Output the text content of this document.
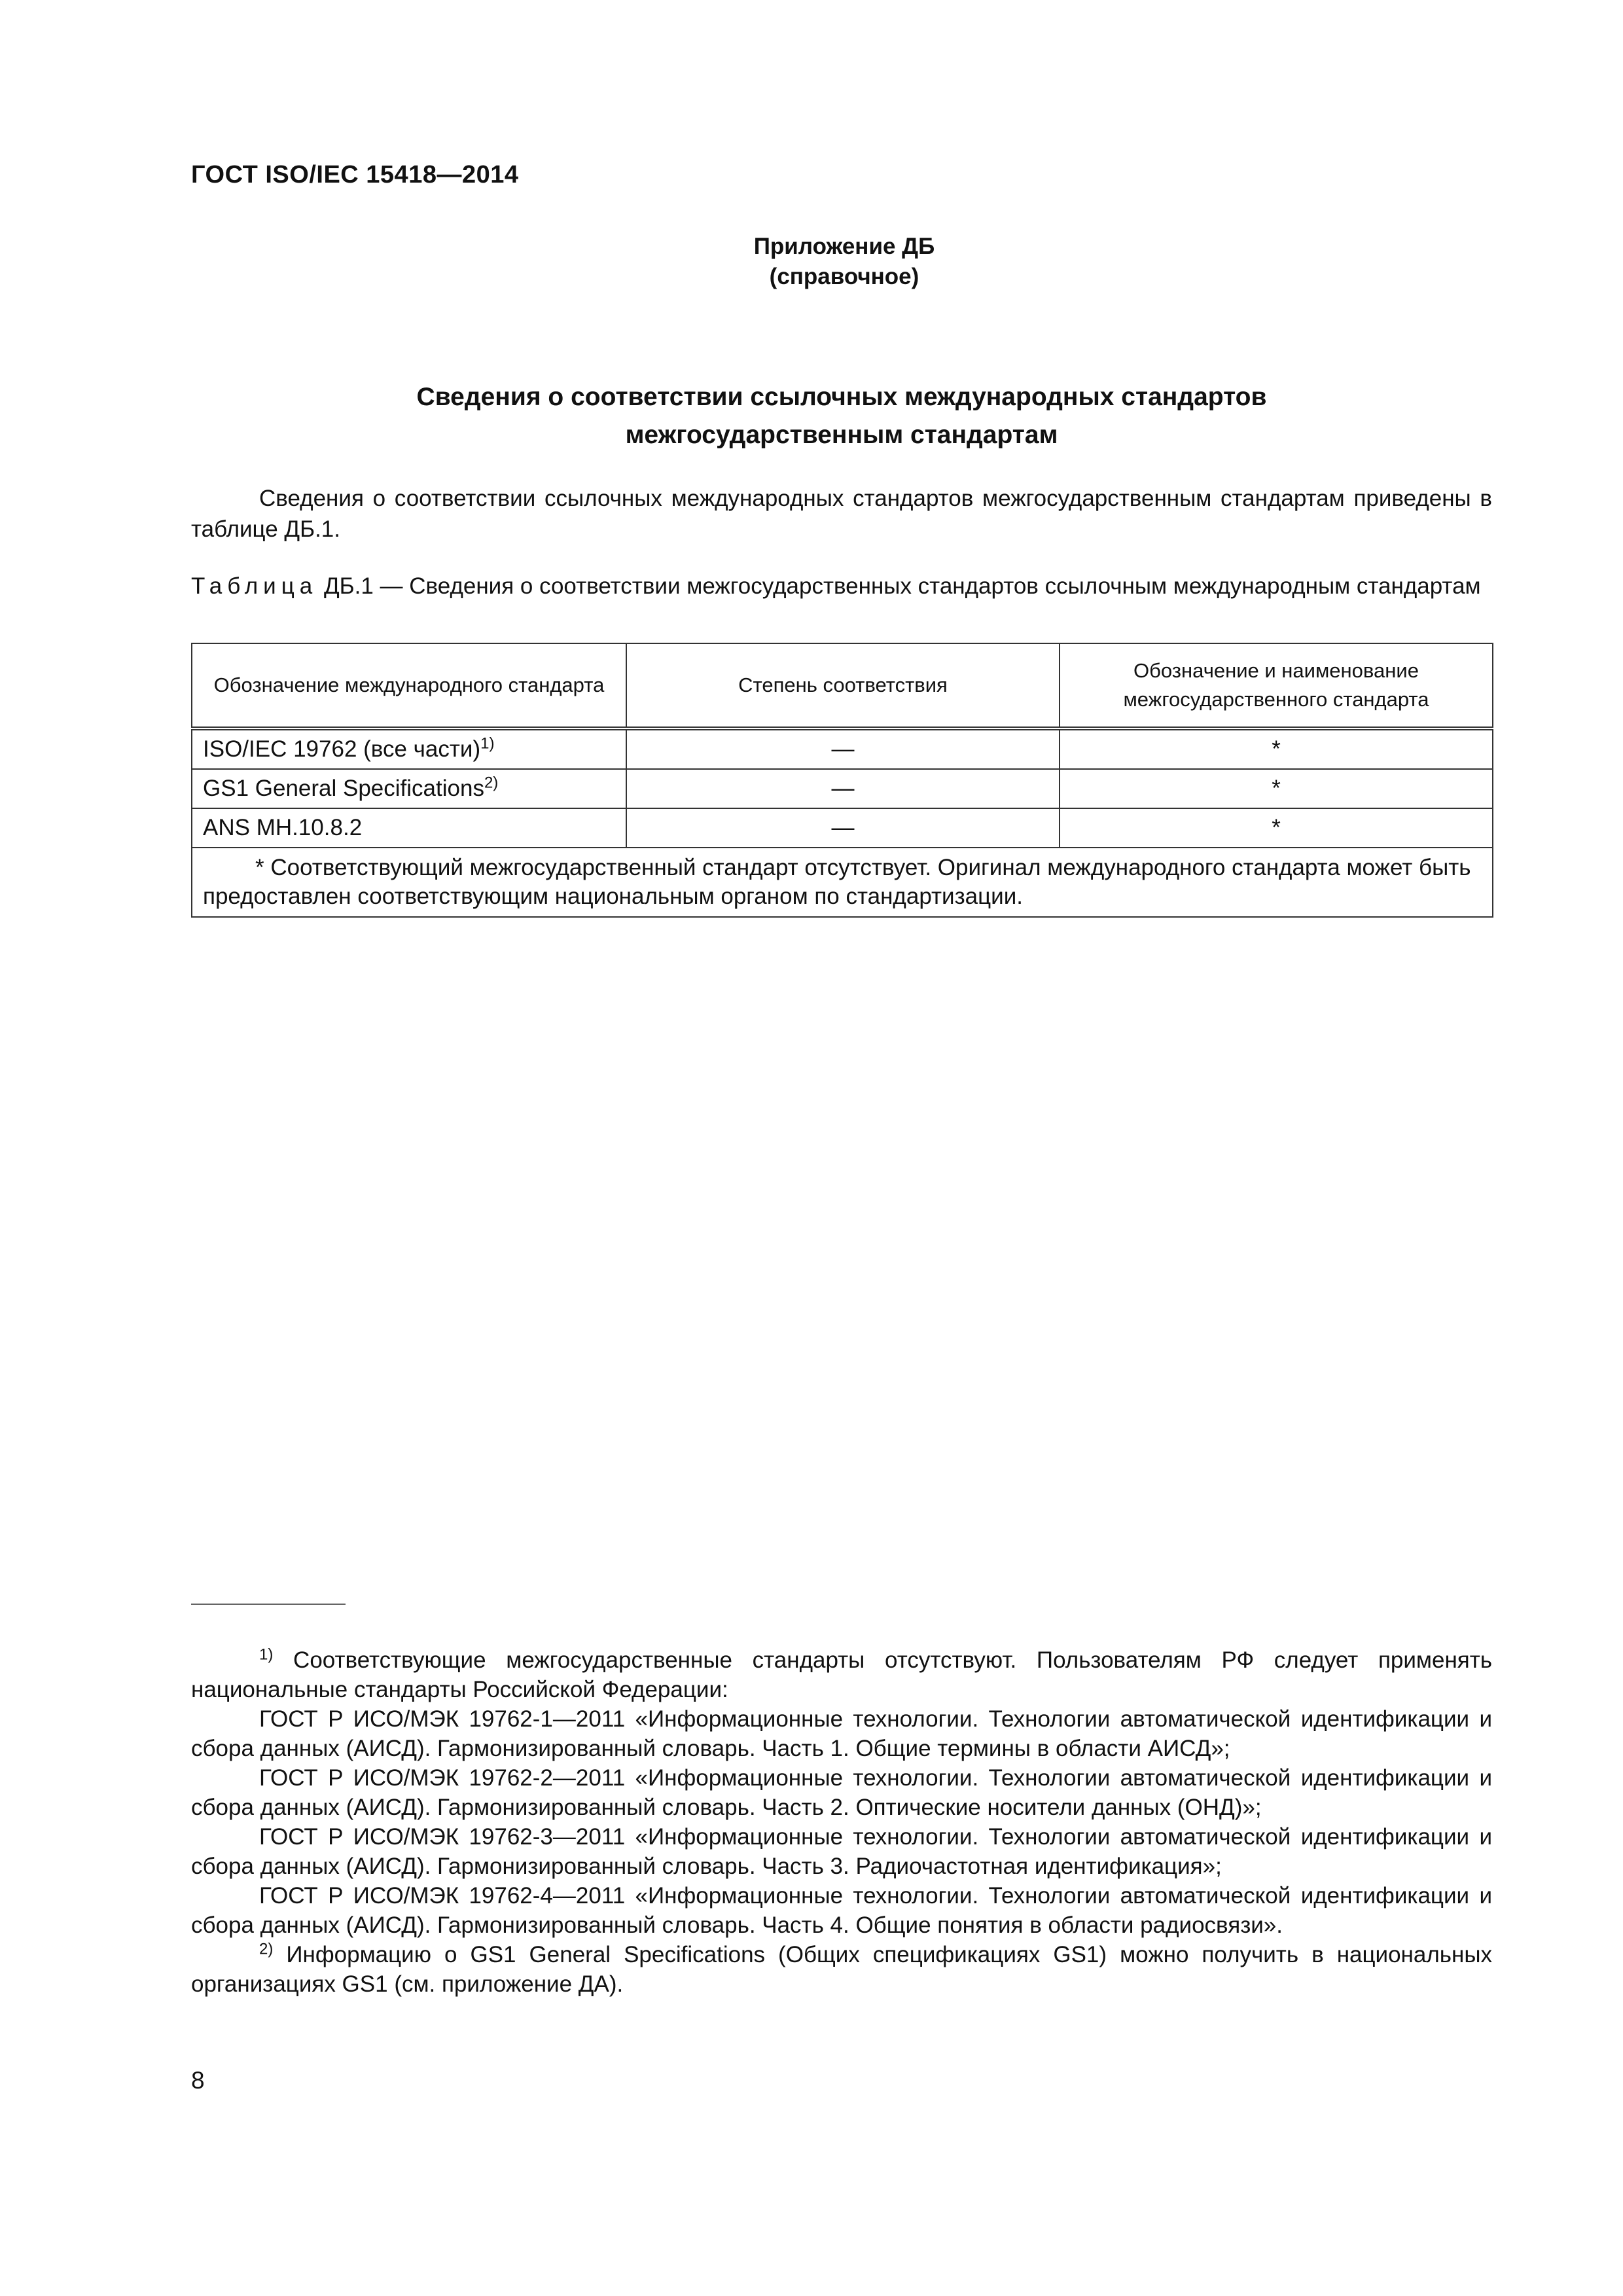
ГОСТ ISO/IEC 15418—2014
Приложение ДБ
(справочное)
Сведения о соответствии ссылочных международных стандартов
межгосударственным стандартам
Сведения о соответствии ссылочных международных стандартов межгосударственным стандартам приведены в таблице ДБ.1.
Таблица ДБ.1 — Сведения о соответствии межгосударственных стандартов ссылочным международным стандартам
Обозначение международного стандарта	Степень соответствия	Обозначение и наименование межгосударственного стандарта
ISO/IEC 19762 (все части)$^{1)}$	—	*
GS1 General Specifications$^{2)}$	—	*
ANS MH.10.8.2	—	*
* Соответствующий межгосударственный стандарт отсутствует. Оригинал международного стандарта может быть предоставлен соответствующим национальным органом по стандартизации.		

$^{1)}$ Соответствующие межгосударственные стандарты отсутствуют. Пользователям РФ следует применять национальные стандарты Российской Федерации:

ГОСТ Р ИСО/МЭК 19762-1—2011 «Информационные технологии. Технологии автоматической идентификации и сбора данных (АИСД). Гармонизированный словарь. Часть 1. Общие термины в области АИСД»;

ГОСТ Р ИСО/МЭК 19762-2—2011 «Информационные технологии. Технологии автоматической идентификации и сбора данных (АИСД). Гармонизированный словарь. Часть 2. Оптические носители данных (ОНД)»;

ГОСТ Р ИСО/МЭК 19762-3—2011 «Информационные технологии. Технологии автоматической идентификации и сбора данных (АИСД). Гармонизированный словарь. Часть 3. Радиочастотная идентификация»;

ГОСТ Р ИСО/МЭК 19762-4—2011 «Информационные технологии. Технологии автоматической идентификации и сбора данных (АИСД). Гармонизированный словарь. Часть 4. Общие понятия в области радиосвязи».

$^{2)}$ Информацию о GS1 General Specifications (Общих спецификациях GS1) можно получить в национальных организациях GS1 (см. приложение ДА).

8
